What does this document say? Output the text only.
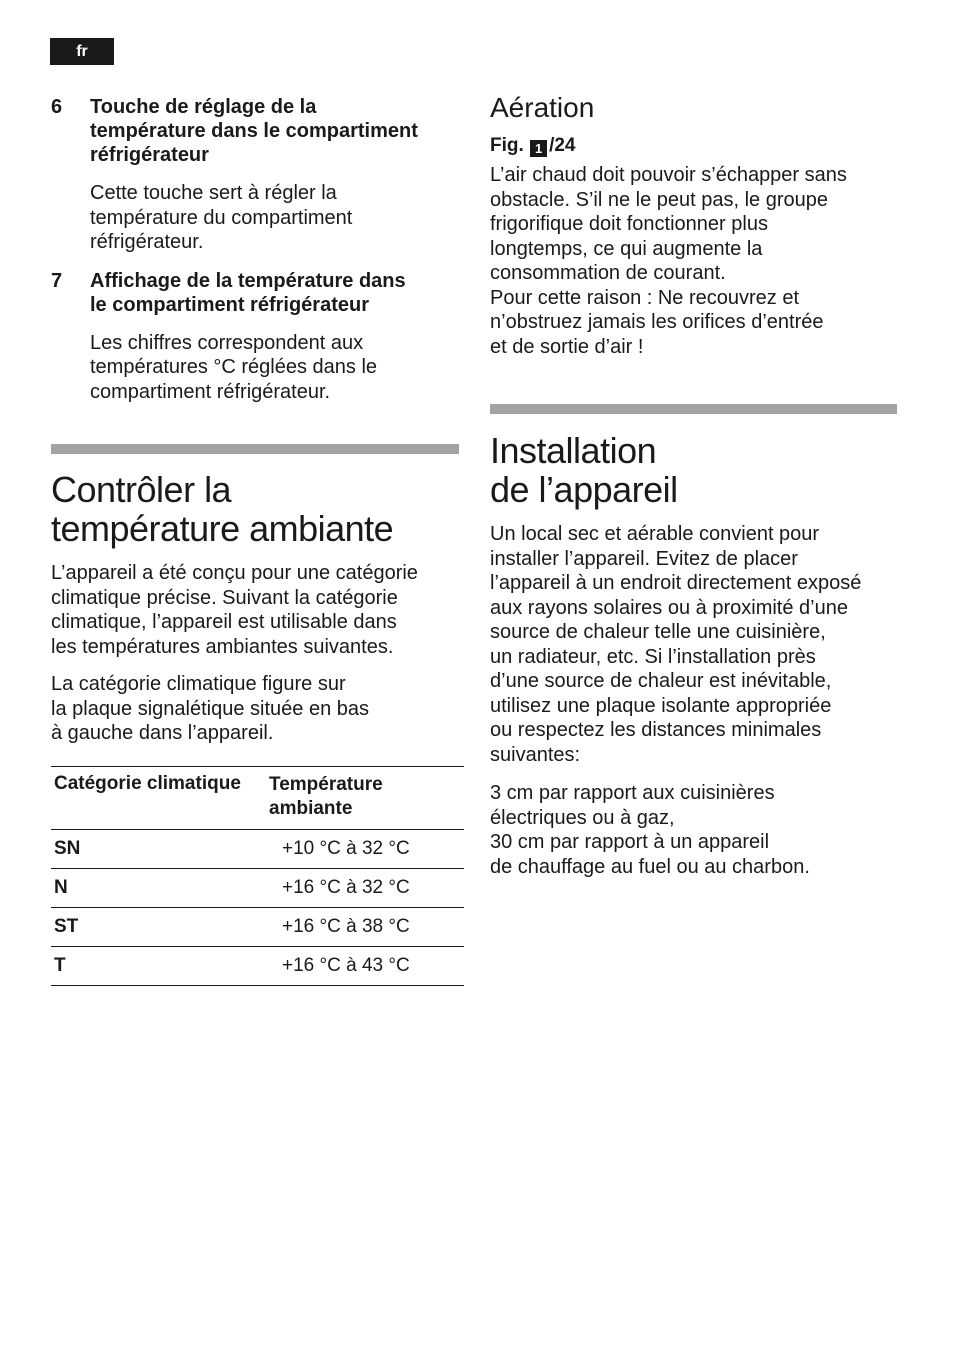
fr
6 Touche de réglage de la
température dans le compartiment
réfrigérateur
Cette touche sert à régler la
température du compartiment
réfrigérateur.
7 Affichage de la température dans
le compartiment réfrigérateur
Les chiffres correspondent aux
températures °C réglées dans le
compartiment réfrigérateur.
Contrôler la
température ambiante

L’appareil a été conçu pour une catégorie
climatique précise. Suivant la catégorie
climatique, l’appareil est utilisable dans
les températures ambiantes suivantes.

La catégorie climatique figure sur
la plaque signalétique située en bas
à gauche dans l’appareil.

Catégorie climatique	Température
ambiante

SN	+10 °C à 32 °C
N	+16 °C à 32 °C
ST	+16 °C à 38 °C
T	+16 °C à 43 °C
Aération
Fig. 1 /24

L’air chaud doit pouvoir s’échapper sans
obstacle. S’il ne le peut pas, le groupe
frigorifique doit fonctionner plus
longtemps, ce qui augmente la
consommation de courant.
Pour cette raison : Ne recouvrez et
n’obstruez jamais les orifices d’entrée
et de sortie d’air !

Installation
de l’appareil

Un local sec et aérable convient pour
installer l’appareil. Evitez de placer
l’appareil à un endroit directement exposé
aux rayons solaires ou à proximité d’une
source de chaleur telle une cuisinière,
un radiateur, etc. Si l’installation près
d’une source de chaleur est inévitable,
utilisez une plaque isolante appropriée
ou respectez les distances minimales
suivantes:

3 cm par rapport aux cuisinières
électriques ou à gaz,
30 cm par rapport à un appareil
de chauffage au fuel ou au charbon.
